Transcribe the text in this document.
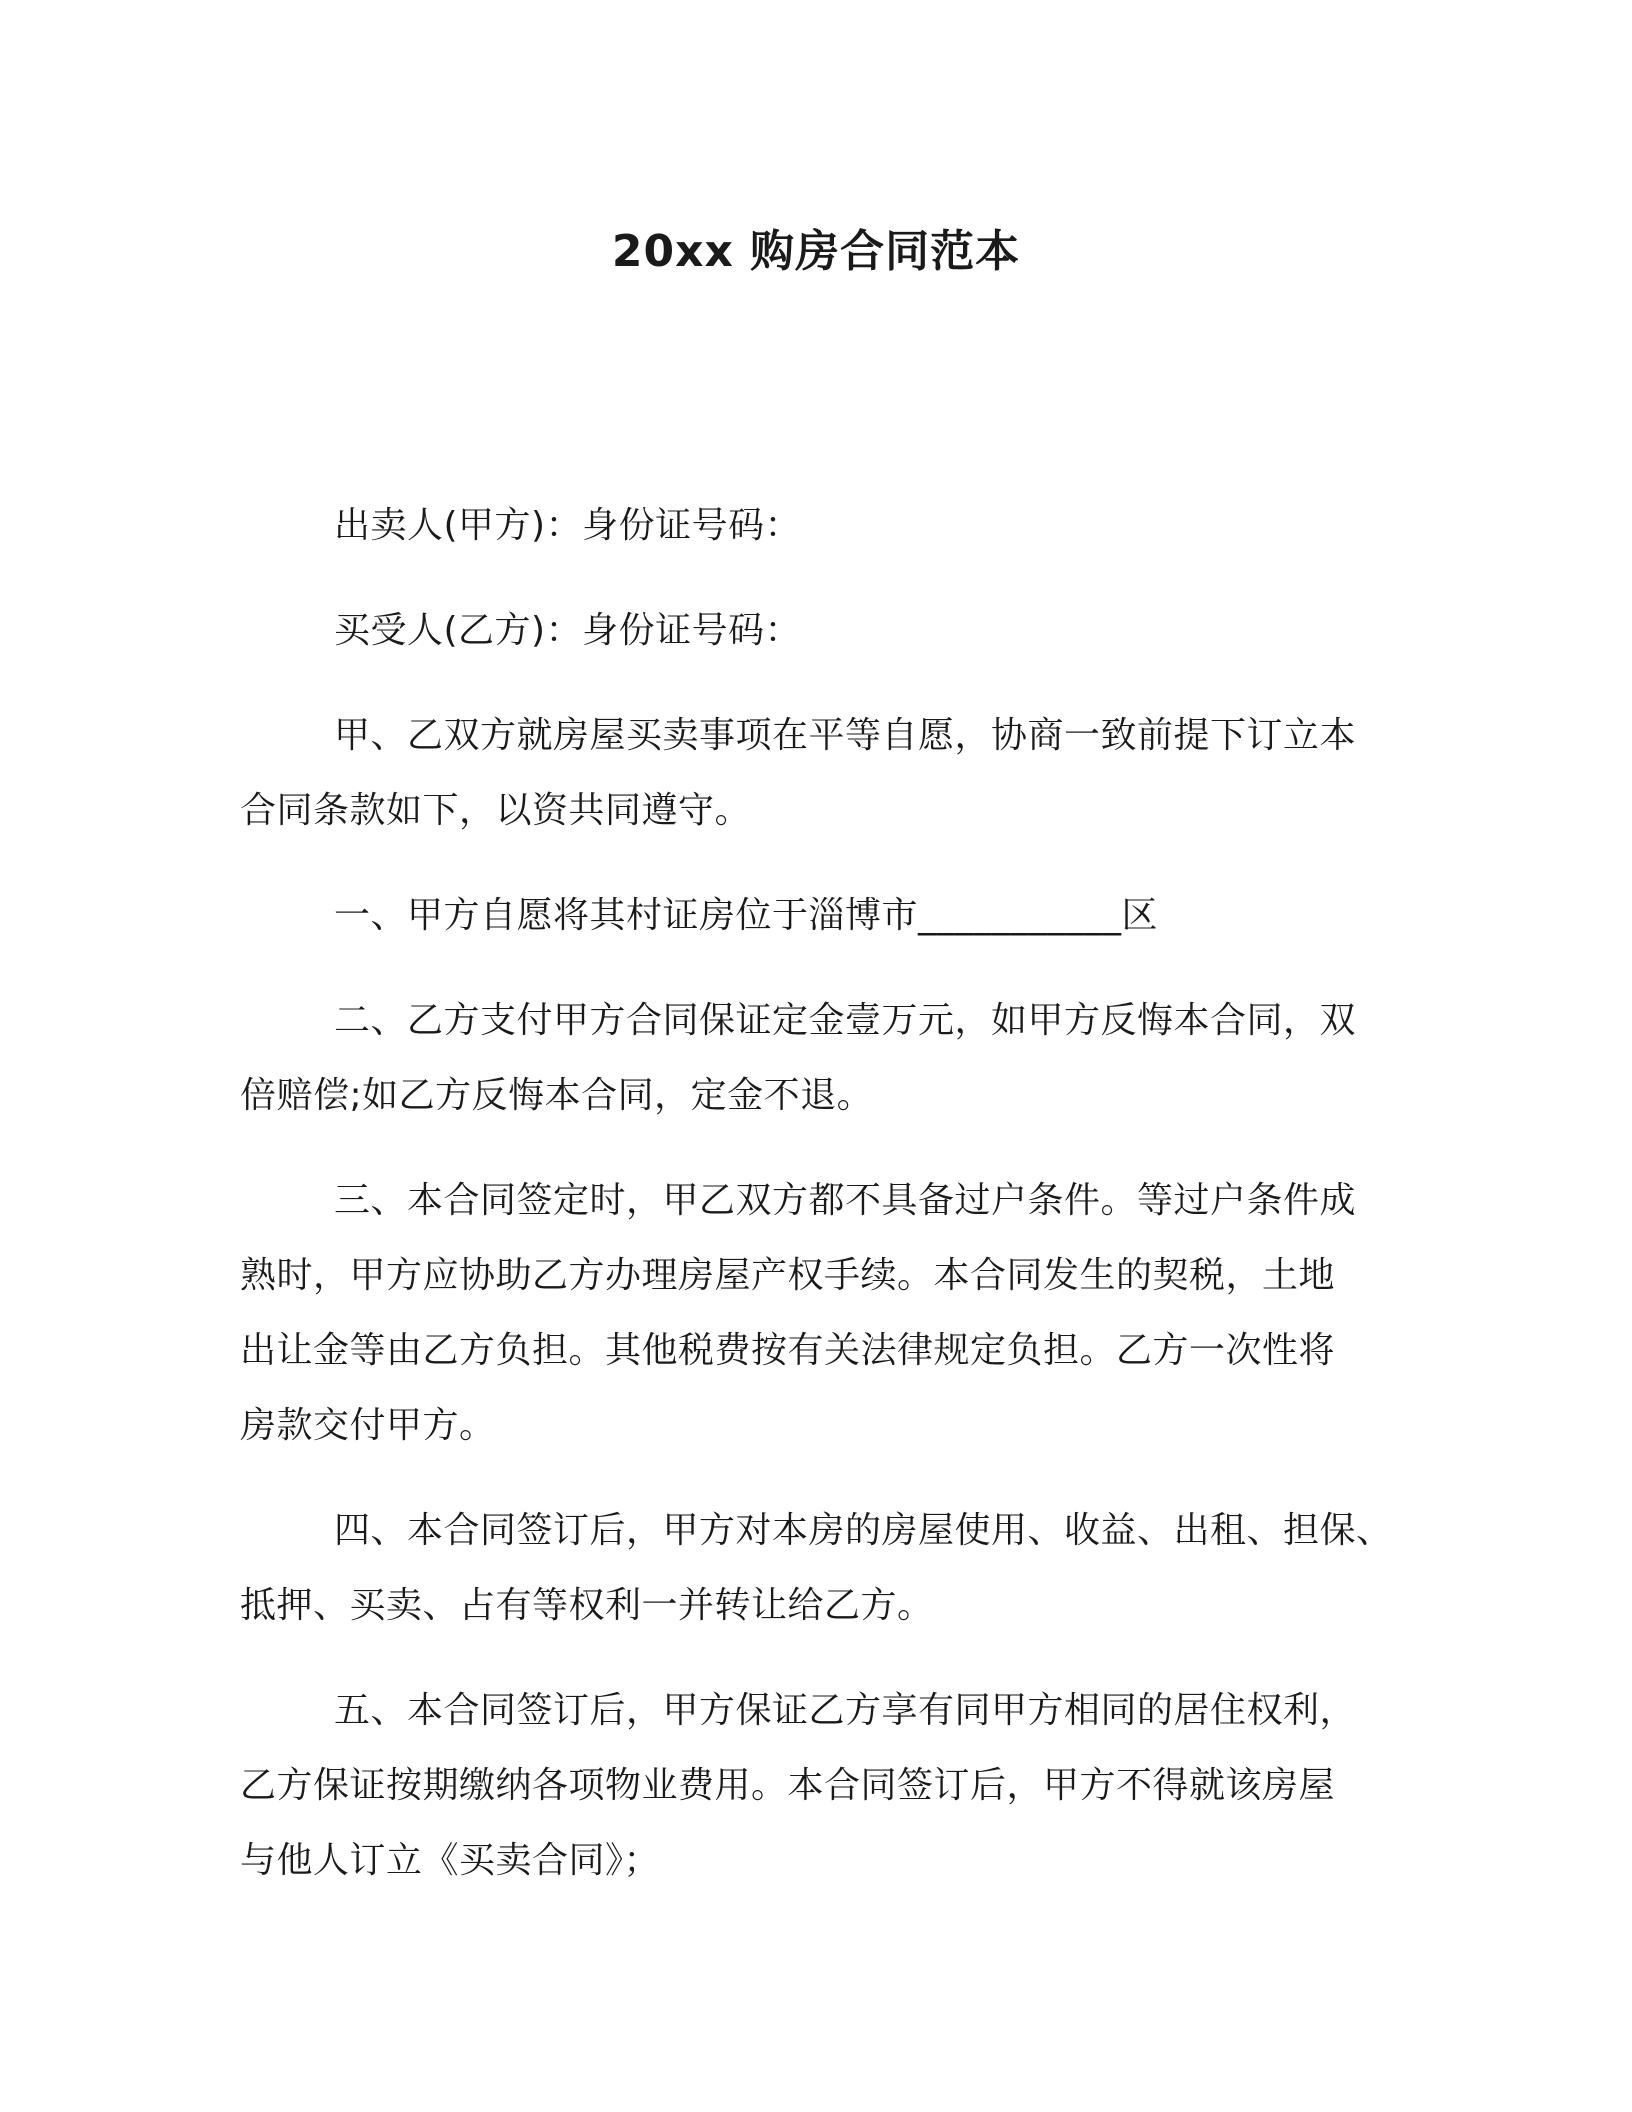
20xx 购房合同范本

出卖人(甲方)：身份证号码：

买受人(乙方)：身份证号码：

甲、乙双方就房屋买卖事项在平等自愿，协商一致前提下订立本
合同条款如下，以资共同遵守。

一、甲方自愿将其村证房位于淄博市___________区

二、乙方支付甲方合同保证定金壹万元，如甲方反悔本合同，双
倍赔偿;如乙方反悔本合同，定金不退。

三、本合同签定时，甲乙双方都不具备过户条件。等过户条件成
熟时，甲方应协助乙方办理房屋产权手续。本合同发生的契税，土地
出让金等由乙方负担。其他税费按有关法律规定负担。乙方一次性将
房款交付甲方。

四、本合同签订后，甲方对本房的房屋使用、收益、出租、担保、
抵押、买卖、占有等权利一并转让给乙方。

五、本合同签订后，甲方保证乙方享有同甲方相同的居住权利，
乙方保证按期缴纳各项物业费用。本合同签订后，甲方不得就该房屋
与他人订立《买卖合同》；
